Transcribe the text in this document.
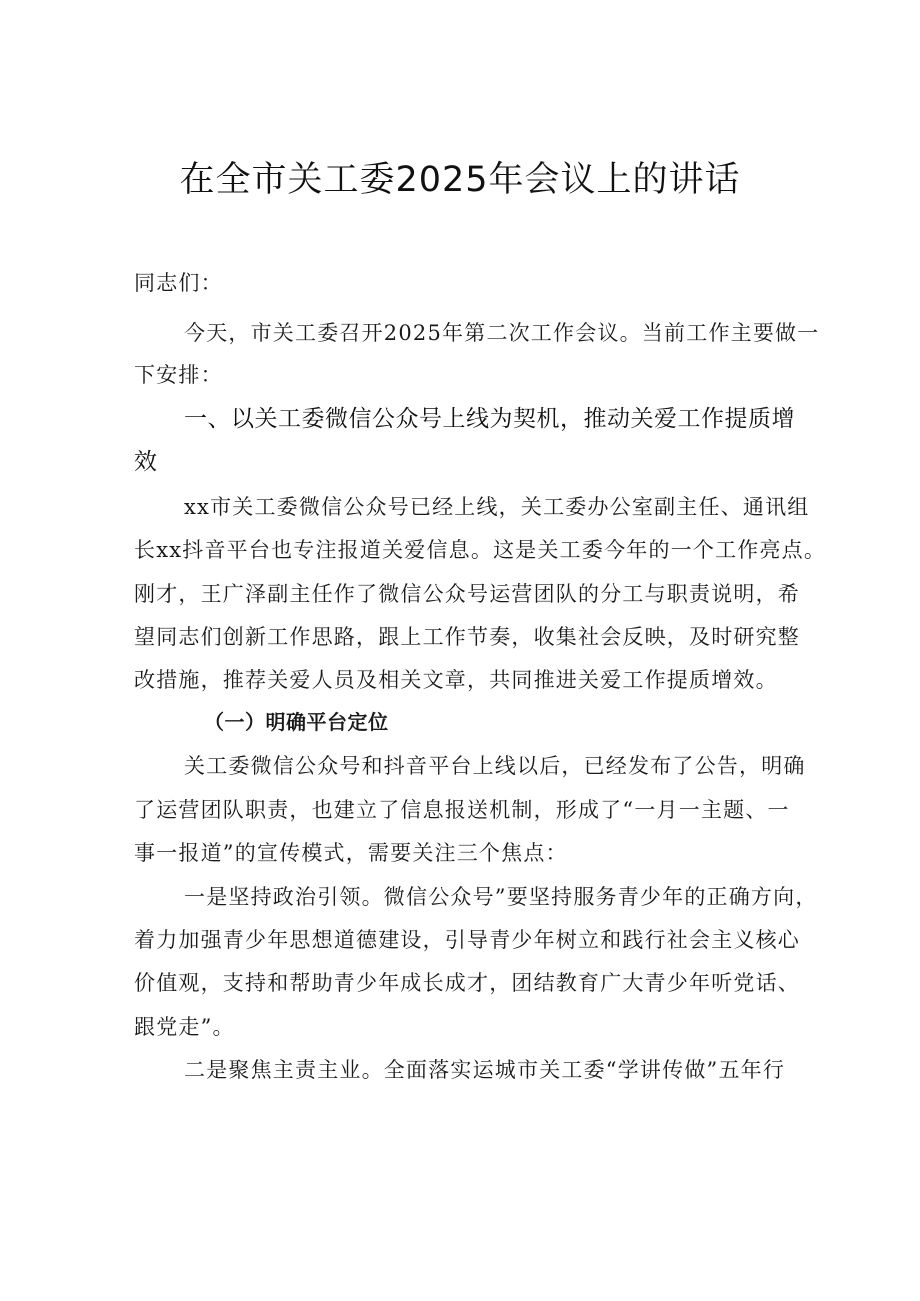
在全市关工委2025年会议上的讲话
同志们：
今天，市关工委召开2025年第二次工作会议。当前工作主要做一
下安排：
一、以关工委微信公众号上线为契机，推动关爱工作提质增
效
xx市关工委微信公众号已经上线，关工委办公室副主任、通讯组
长xx抖音平台也专注报道关爱信息。这是关工委今年的一个工作亮点。
刚才，王广泽副主任作了微信公众号运营团队的分工与职责说明，希
望同志们创新工作思路，跟上工作节奏，收集社会反映，及时研究整
改措施，推荐关爱人员及相关文章，共同推进关爱工作提质增效。
（一）明确平台定位
关工委微信公众号和抖音平台上线以后，已经发布了公告，明确
了运营团队职责，也建立了信息报送机制，形成了“一月一主题、一
事一报道”的宣传模式，需要关注三个焦点：
一是坚持政治引领。微信公众号”要坚持服务青少年的正确方向，
着力加强青少年思想道德建设，引导青少年树立和践行社会主义核心
价值观，支持和帮助青少年成长成才，团结教育广大青少年听党话、
跟党走”。
二是聚焦主责主业。全面落实运城市关工委“学讲传做”五年行
